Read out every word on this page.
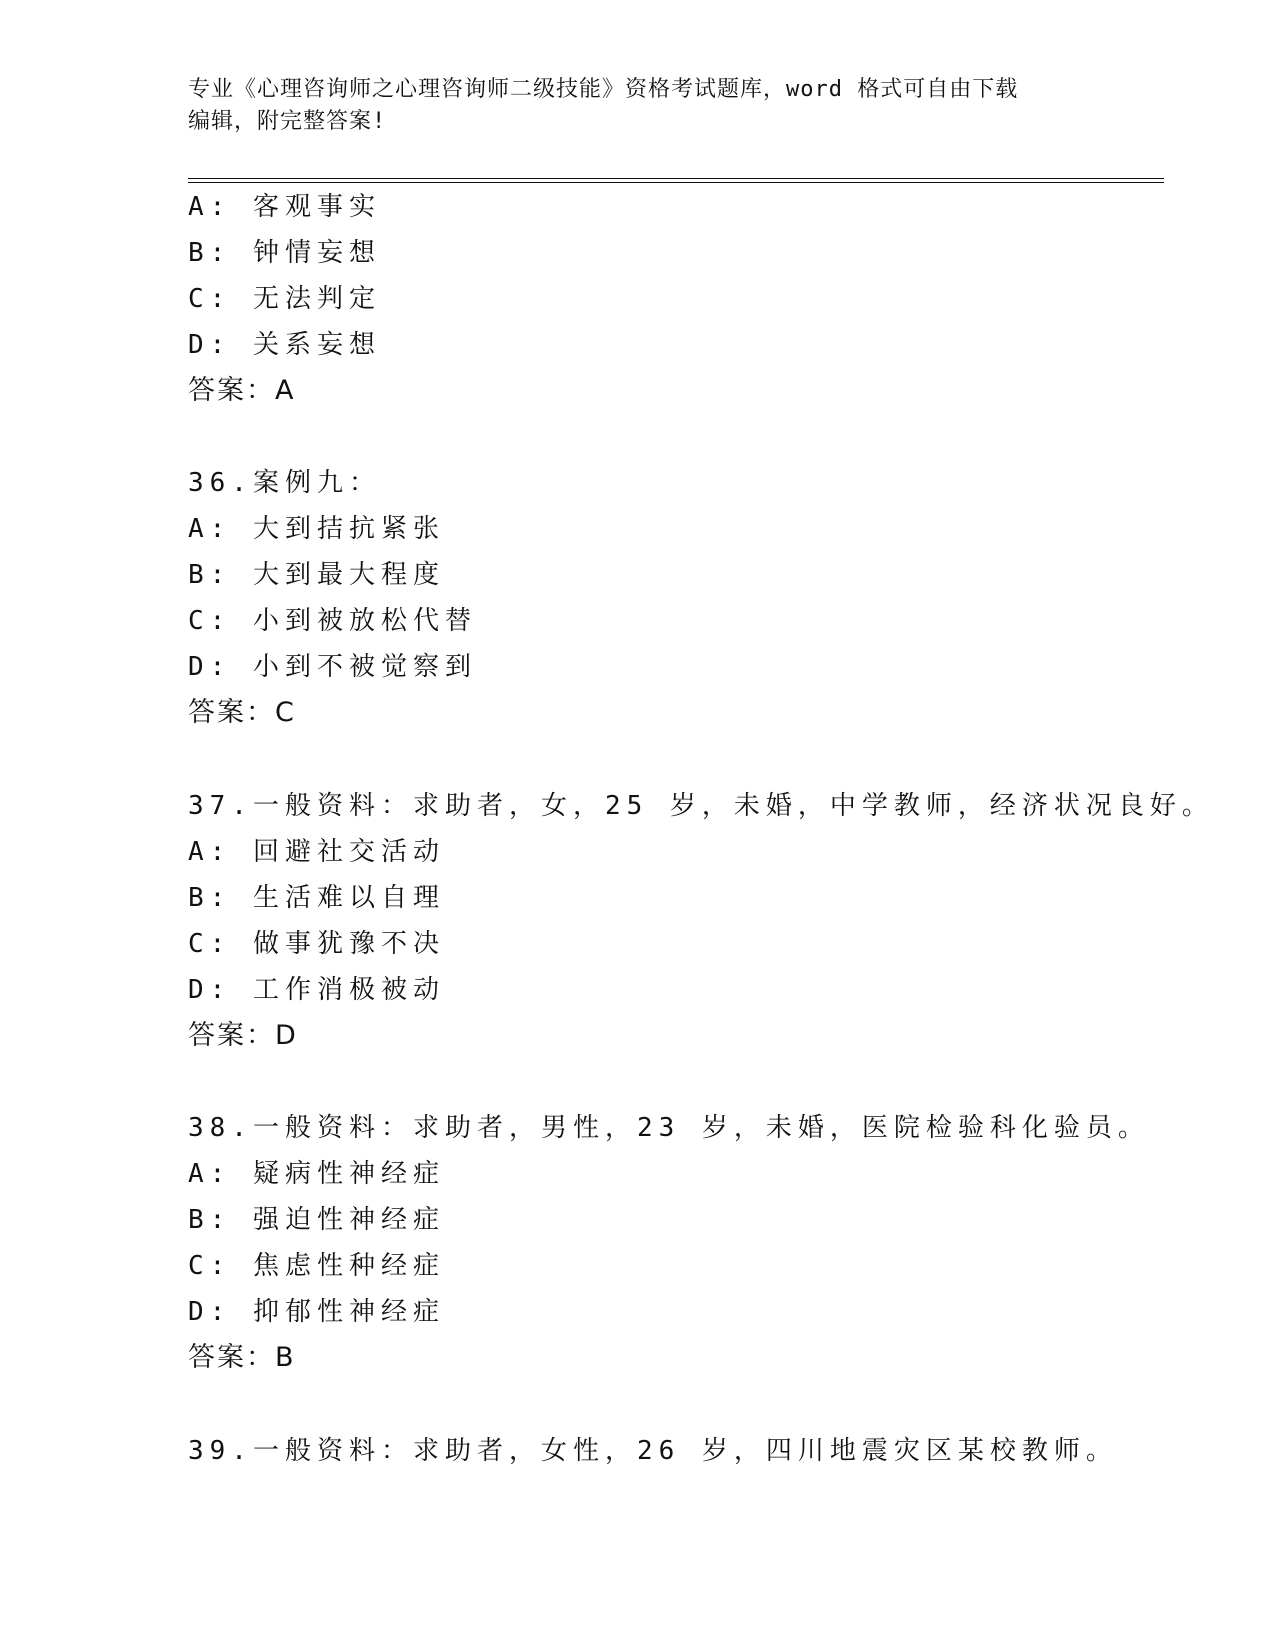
专业《心理咨询师之心理咨询师二级技能》资格考试题库，word 格式可自由下载
编辑，附完整答案!
A: 客观事实
B: 钟情妄想
C: 无法判定
D: 关系妄想
答案：A
36.案例九：
A: 大到拮抗紧张
B: 大到最大程度
C: 小到被放松代替
D: 小到不被觉察到
答案：C
37.一般资料：求助者，女，25 岁，未婚，中学教师，经济状况良好。
A: 回避社交活动
B: 生活难以自理
C: 做事犹豫不决
D: 工作消极被动
答案：D
38.一般资料：求助者，男性，23 岁，未婚，医院检验科化验员。
A: 疑病性神经症
B: 强迫性神经症
C: 焦虑性种经症
D: 抑郁性神经症
答案：B
39.一般资料：求助者，女性，26 岁，四川地震灾区某校教师。
